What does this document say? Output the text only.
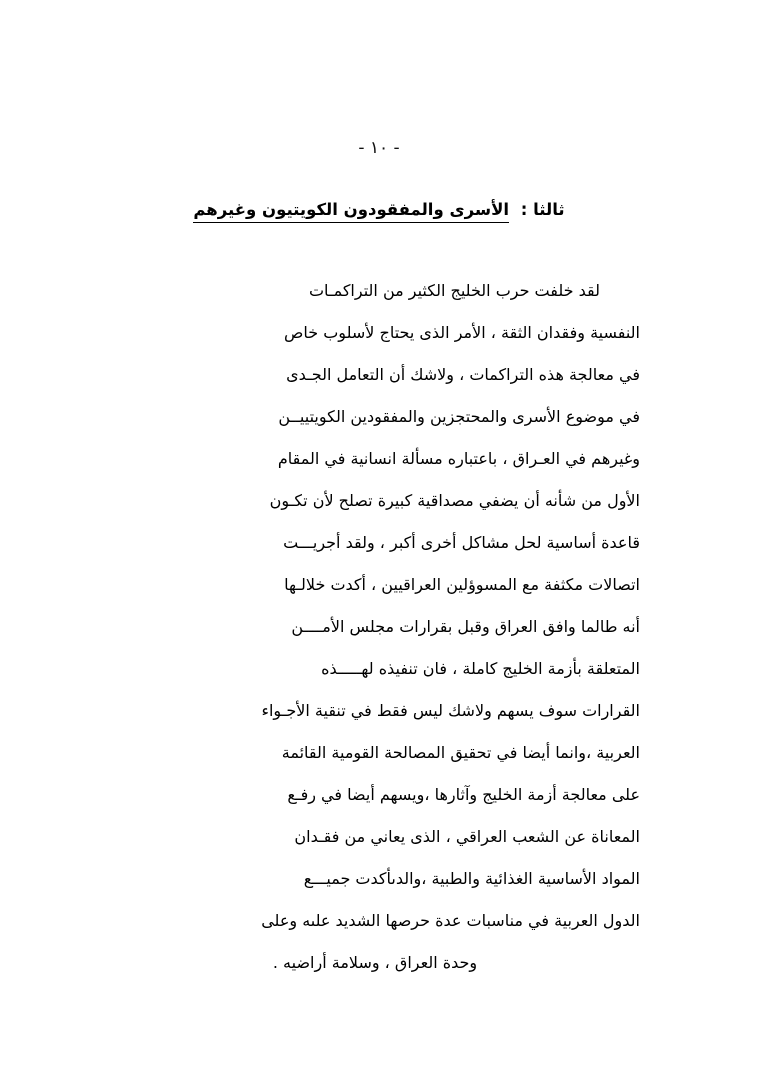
- ١٠ -
ثالثا : الأسرى والمفقودون الكويتيون وغيرهم
لقد خلفت حرب الخليج الكثير من التراكمـات
النفسية وفقدان الثقة ، الأمر الذى يحتاج لأسلوب خاص
في معالجة هذه التراكمات ، ولاشك أن التعامل الجـدى
في موضوع الأسرى والمحتجزين والمفقودين الكويتييــن
وغيرهم في العـراق ، باعتباره مسألة انسانية في المقام
الأول من شأنه أن يضفي مصداقية كبيرة تصلح لأن تكـون
قاعدة أساسية لحل مشاكل أخرى أكبر ، ولقد أجريـــت
اتصالات مكثفة مع المسوؤلين العراقيين ، أكدت خلالـها
أنه طالما وافق العراق وقبل بقرارات مجلس الأمــــن
المتعلقة بأزمة الخليج كاملة ، فان تنفيذه لهـــــذه
القرارات سوف يسهم ولاشك ليس فقط في تنقية الأجـواء
العربية ،وانما أيضا في تحقيق المصالحة القومية القائمة
على معالجة أزمة الخليج وآثارها ،ويسهم أيضا في رفـع
المعاناة عن الشعب العراقي ، الذى يعاني من فقـدان
المواد الأساسية الغذائية والطبية ،والدىأكدت جميـــع
الدول العربية في مناسبات عدة حرصها الشديد علىه وعلى
وحدة العراق ، وسلامة أراضيه .
